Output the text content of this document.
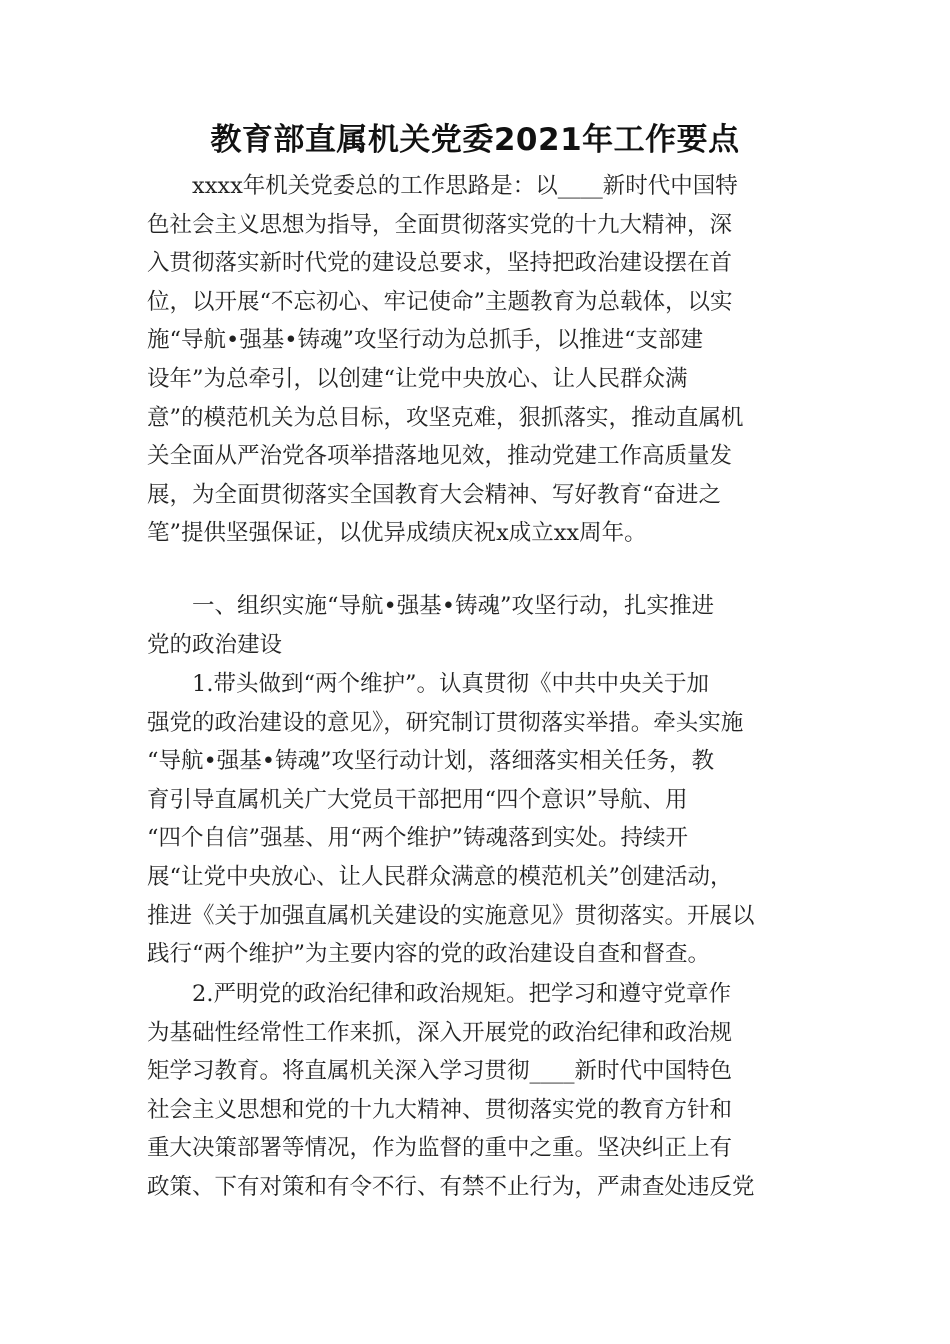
教育部直属机关党委2021年工作要点
xxxx年机关党委总的工作思路是：以____新时代中国特
色社会主义思想为指导，全面贯彻落实党的十九大精神，深
入贯彻落实新时代党的建设总要求，坚持把政治建设摆在首
位，以开展“不忘初心、牢记使命”主题教育为总载体，以实
施“导航•强基•铸魂”攻坚行动为总抓手，以推进“支部建
设年”为总牵引，以创建“让党中央放心、让人民群众满
意”的模范机关为总目标，攻坚克难，狠抓落实，推动直属机
关全面从严治党各项举措落地见效，推动党建工作高质量发
展，为全面贯彻落实全国教育大会精神、写好教育“奋进之
笔”提供坚强保证，以优异成绩庆祝x成立xx周年。
一、组织实施“导航•强基•铸魂”攻坚行动，扎实推进
党的政治建设
1.带头做到“两个维护”。认真贯彻《中共中央关于加
强党的政治建设的意见》，研究制订贯彻落实举措。牵头实施
“导航•强基•铸魂”攻坚行动计划，落细落实相关任务，教
育引导直属机关广大党员干部把用“四个意识”导航、用
“四个自信”强基、用“两个维护”铸魂落到实处。持续开
展“让党中央放心、让人民群众满意的模范机关”创建活动，
推进《关于加强直属机关建设的实施意见》贯彻落实。开展以
践行“两个维护”为主要内容的党的政治建设自查和督查。
2.严明党的政治纪律和政治规矩。把学习和遵守党章作
为基础性经常性工作来抓，深入开展党的政治纪律和政治规
矩学习教育。将直属机关深入学习贯彻____新时代中国特色
社会主义思想和党的十九大精神、贯彻落实党的教育方针和
重大决策部署等情况，作为监督的重中之重。坚决纠正上有
政策、下有对策和有令不行、有禁不止行为，严肃查处违反党
